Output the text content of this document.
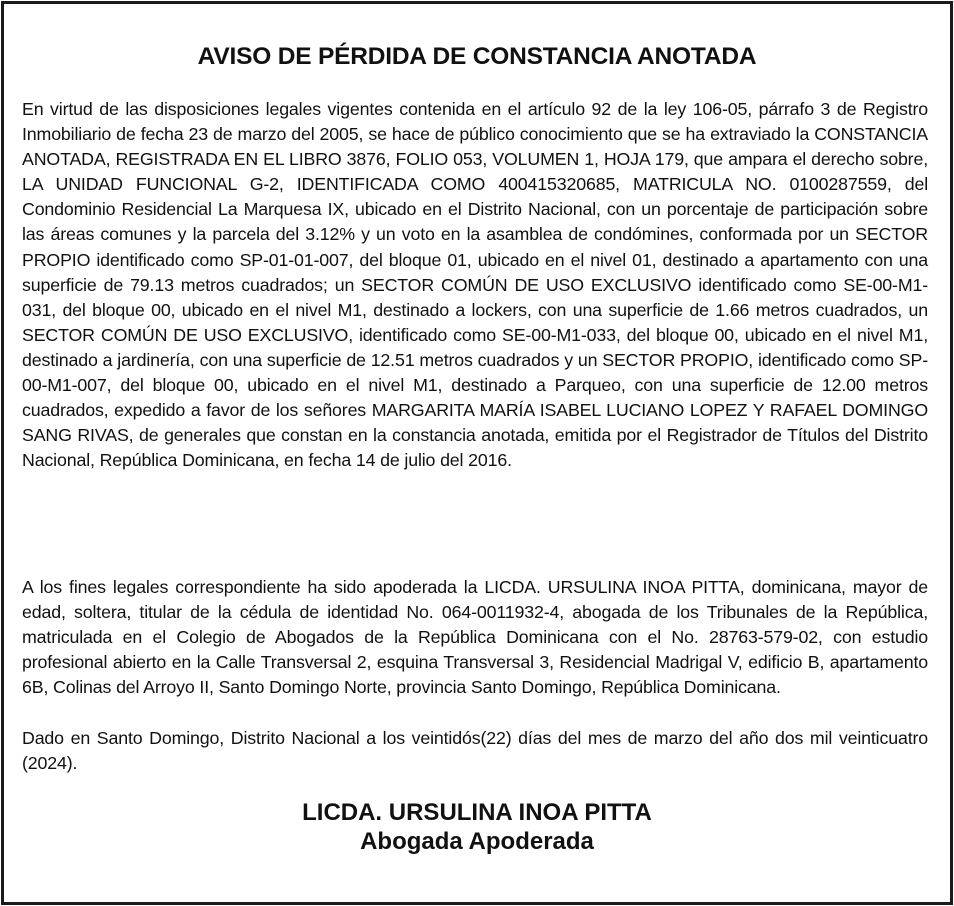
AVISO DE PÉRDIDA DE CONSTANCIA ANOTADA

En virtud de las disposiciones legales vigentes contenida en el artículo 92 de la ley 106-05, párrafo 3 de Registro Inmobiliario de fecha 23 de marzo del 2005, se hace de público conocimiento que se ha extraviado la CONSTANCIA ANOTADA, REGISTRADA EN EL LIBRO 3876, FOLIO 053, VOLUMEN 1, HOJA 179, que ampara el derecho sobre, LA UNIDAD FUNCIONAL G-2, IDENTIFICADA COMO 400415320685, MATRICULA NO. 0100287559, del Condominio Residencial La Marquesa IX, ubicado en el Distrito Nacional, con un porcentaje de participación sobre las áreas comunes y la parcela del 3.12% y un voto en la asamblea de condómines, conformada por un SECTOR PROPIO identificado como SP-01-01-007, del bloque 01, ubicado en el nivel 01, destinado a apartamento con una superficie de 79.13 metros cuadrados; un SECTOR COMÚN DE USO EXCLUSIVO identificado como SE-00-M1-031, del bloque 00, ubicado en el nivel M1, destinado a lockers, con una superficie de 1.66 metros cuadrados, un SECTOR COMÚN DE USO EXCLUSIVO, identificado como SE-00-M1-033, del bloque 00, ubicado en el nivel M1, destinado a jardinería, con una superficie de 12.51 metros cuadrados y un SECTOR PROPIO, identificado como SP-00-M1-007, del bloque 00, ubicado en el nivel M1, destinado a Parqueo, con una superficie de 12.00 metros cuadrados, expedido a favor de los señores MARGARITA MARÍA ISABEL LUCIANO LOPEZ Y RAFAEL DOMINGO SANG RIVAS, de generales que constan en la constancia anotada, emitida por el Registrador de Títulos del Distrito Nacional, República Dominicana, en fecha 14 de julio del 2016.

A los fines legales correspondiente ha sido apoderada la LICDA. URSULINA INOA PITTA, dominicana, mayor de edad, soltera, titular de la cédula de identidad No. 064-0011932-4, abogada de los Tribunales de la República, matriculada en el Colegio de Abogados de la República Dominicana con el No. 28763-579-02, con estudio profesional abierto en la Calle Transversal 2, esquina Transversal 3, Residencial Madrigal V, edificio B, apartamento 6B, Colinas del Arroyo II, Santo Domingo Norte, provincia Santo Domingo, República Dominicana.

Dado en Santo Domingo, Distrito Nacional a los veintidós(22) días del mes de marzo del año dos mil veinticuatro (2024).

LICDA. URSULINA INOA PITTA
Abogada Apoderada
